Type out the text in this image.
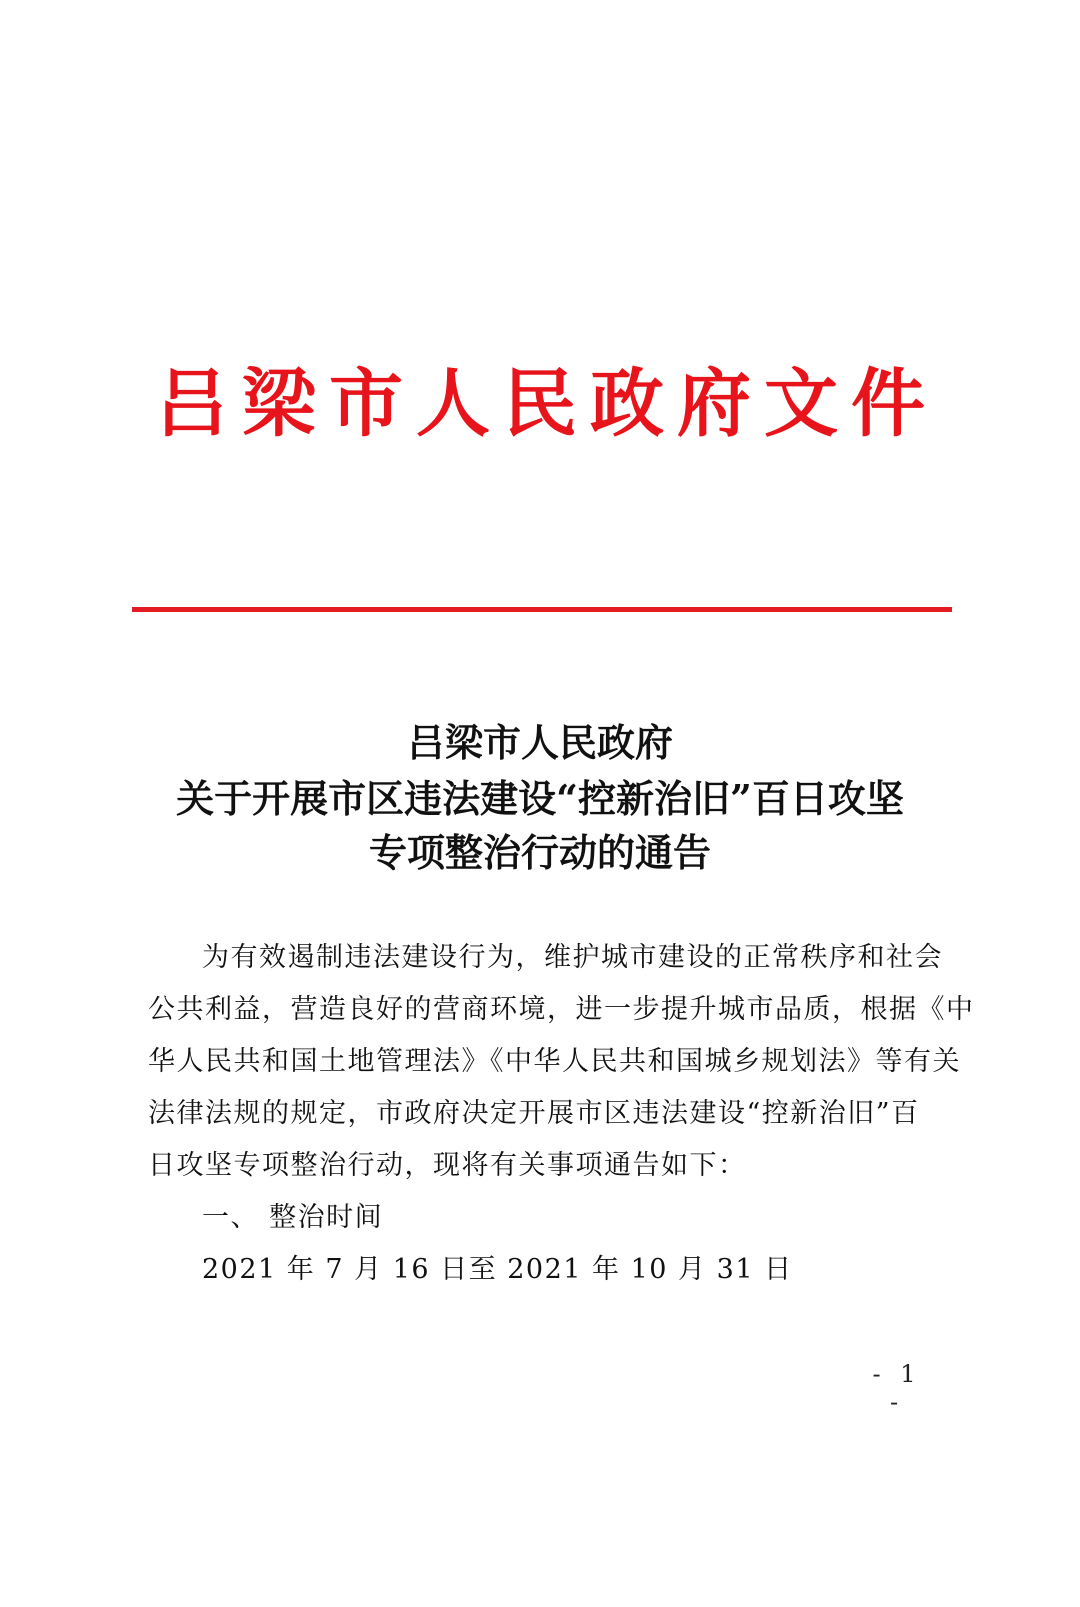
吕 梁 市 人 民 政 府 文 件
吕梁市人民政府
关于开展市区违法建设“控新治旧”百日攻坚
专项整治行动的通告
为有效遏制违法建设行为，维护城市建设的正常秩序和社会
公共利益，营造良好的营商环境，进一步提升城市品质，根据《中
华人民共和国土地管理法》《中华人民共和国城乡规划法》等有关
法律法规的规定，市政府决定开展市区违法建设“控新治旧”百
日攻坚专项整治行动，现将有关事项通告如下：
一、 整治时间
2021 年 7 月 16 日至 2021 年 10 月 31 日
- 1 -
